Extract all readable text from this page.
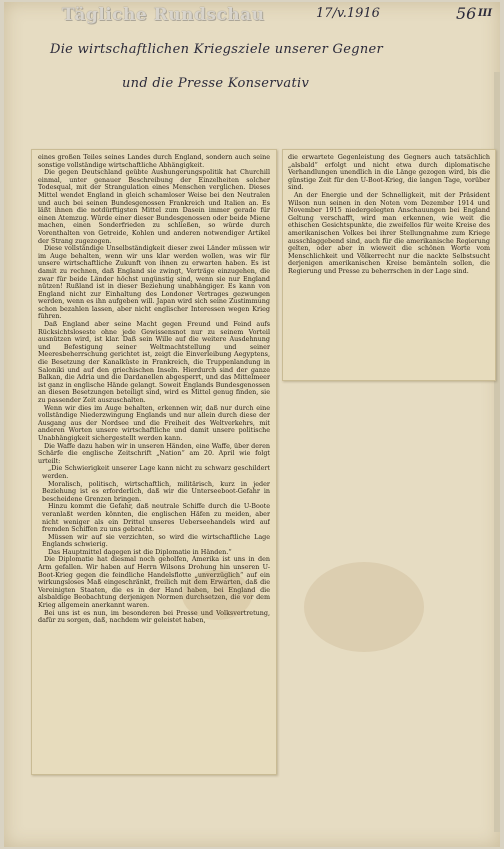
Tägliche Rundschau	17/v.1916	56 III
Die wirtschaftlichen Kriegsziele unserer Gegner
und die Presse Konservativ

eines großen Teiles seines Landes durch England, sondern auch seine sonstige vollständige wirtschaftliche Abhängigkeit.

Die gegen Deutschland geübte Aushungerungspolitik hat Churchill einmal, unter genauer Beschreibung der Einzelheiten solcher Todesqual, mit der Strangulation eines Menschen verglichen. Dieses Mittel wendet England in gleich schamloser Weise bei den Neutralen und auch bei seinen Bundesgenossen Frankreich und Italien an. Es läßt ihnen die notdürftigsten Mittel zum Dasein immer gerade für einen Atemzug. Würde einer dieser Bundesgenossen oder beide Miene machen, einen Sonderfrieden zu schließen, so würde durch Vorenthalten von Getreide, Kohlen und anderen notwendiger Artikel der Strang zugezogen.

Diese vollständige Unselbständigkeit dieser zwei Länder müssen wir im Auge behalten, wenn wir uns klar werden wollen, was wir für unsere wirtschaftliche Zukunft von ihnen zu erwarten haben. Es ist damit zu rechnen, daß England sie zwingt, Verträge einzugehen, die zwar für beide Länder höchst ungünstig sind, wenn sie nur England nützen! Rußland ist in dieser Beziehung unabhängiger. Es kann von England nicht zur Einhaltung des Londoner Vertrages gezwungen werden, wenn es ihn aufgeben will. Japan wird sich seine Zustimmung schon bezahlen lassen, aber nicht englischer Interessen wegen Krieg führen.

Daß England aber seine Macht gegen Freund und Feind aufs Rücksichtsloseste ohne jede Gewissensnot nur zu seinem Vorteil ausnützen wird, ist klar. Daß sein Wille auf die weitere Ausdehnung und Befestigung seiner Weltmachtstellung und seiner Meeresbeherrschung gerichtet ist, zeigt die Einverleibung Aegyptens, die Besetzung der Kanalküste in Frankreich, die Truppenlandung in Saloniki und auf den griechischen Inseln. Hierdurch sind der ganze Balkan, die Adria und die Dardanellen abgesperrt, und das Mittelmeer ist ganz in englische Hände gelangt. Soweit Englands Bundesgenossen an diesen Besetzungen beteiligt sind, wird es Mittel genug finden, sie zu passender Zeit auszuschalten.

Wenn wir dies im Auge behalten, erkennen wir, daß nur durch eine vollständige Niederzwingung Englands und nur allein durch diese der Ausgang aus der Nordsee und die Freiheit des Weltverkehrs, mit anderen Worten unsere wirtschaftliche und damit unsere politische Unabhängigkeit sichergestellt werden kann.

Die Waffe dazu haben wir in unseren Händen, eine Waffe, über deren Schärfe die englische Zeitschrift „Nation“ am 20. April wie folgt urteilt:

„Die Schwierigkeit unserer Lage kann nicht zu schwarz geschildert werden.

Moralisch, politisch, wirtschaftlich, militärisch, kurz in jeder Beziehung ist es erforderlich, daß wir die Unterseeboot-Gefahr in bescheidene Grenzen bringen.

Hinzu kommt die Gefahr, daß neutrale Schiffe durch die U-Boote veranlaßt werden könnten, die englischen Häfen zu meiden, aber nicht weniger als ein Drittel unseres Ueberseehandels wird auf fremden Schiffen zu uns gebracht.

Müssen wir auf sie verzichten, so wird die wirtschaftliche Lage Englands schwierig.

Das Hauptmittel dagegen ist die Diplomatie in Händen.“

Die Diplomatie hat diesmal noch geholfen, Amerika ist uns in den Arm gefallen. Wir haben auf Herrn Wilsons Drohung hin unseren U-Boot-Krieg gegen die feindliche Handelsflotte „unverzüglich“ auf ein wirkungsloses Maß eingeschränkt, freilich mit dem Erwarten, daß die Vereinigten Staaten, die es in der Hand haben, bei England die alsbaldige Beobachtung derjenigen Normen durchsetzen, die vor dem Krieg allgemein anerkannt waren.

Bei uns ist es nun, im besonderen bei Presse und Volksvertretung, dafür zu sorgen, daß, nachdem wir geleistet haben,

die erwartete Gegenleistung des Gegners auch tatsächlich „alsbald“ erfolgt und nicht etwa durch diplomatische Verhandlungen unendlich in die Länge gezogen wird, bis die günstige Zeit für den U-Boot-Krieg, die langen Tage, vorüber sind.

An der Energie und der Schnelligkeit, mit der Präsident Wilson nun seinen in den Noten vom Dezember 1914 und November 1915 niedergelegten Anschauungen bei England Geltung verschafft, wird man erkennen, wie weit die ethischen Gesichtspunkte, die zweifellos für weite Kreise des amerikanischen Volkes bei ihrer Stellungnahme zum Kriege ausschlaggebend sind, auch für die amerikanische Regierung gelten, oder aber in wieweit die schönen Worte vom Menschlichkeit und Völkerrecht nur die nackte Selbstsucht derjenigen amerikanischen Kreise bemänteln sollen, die Regierung und Presse zu beherrschen in der Lage sind.
